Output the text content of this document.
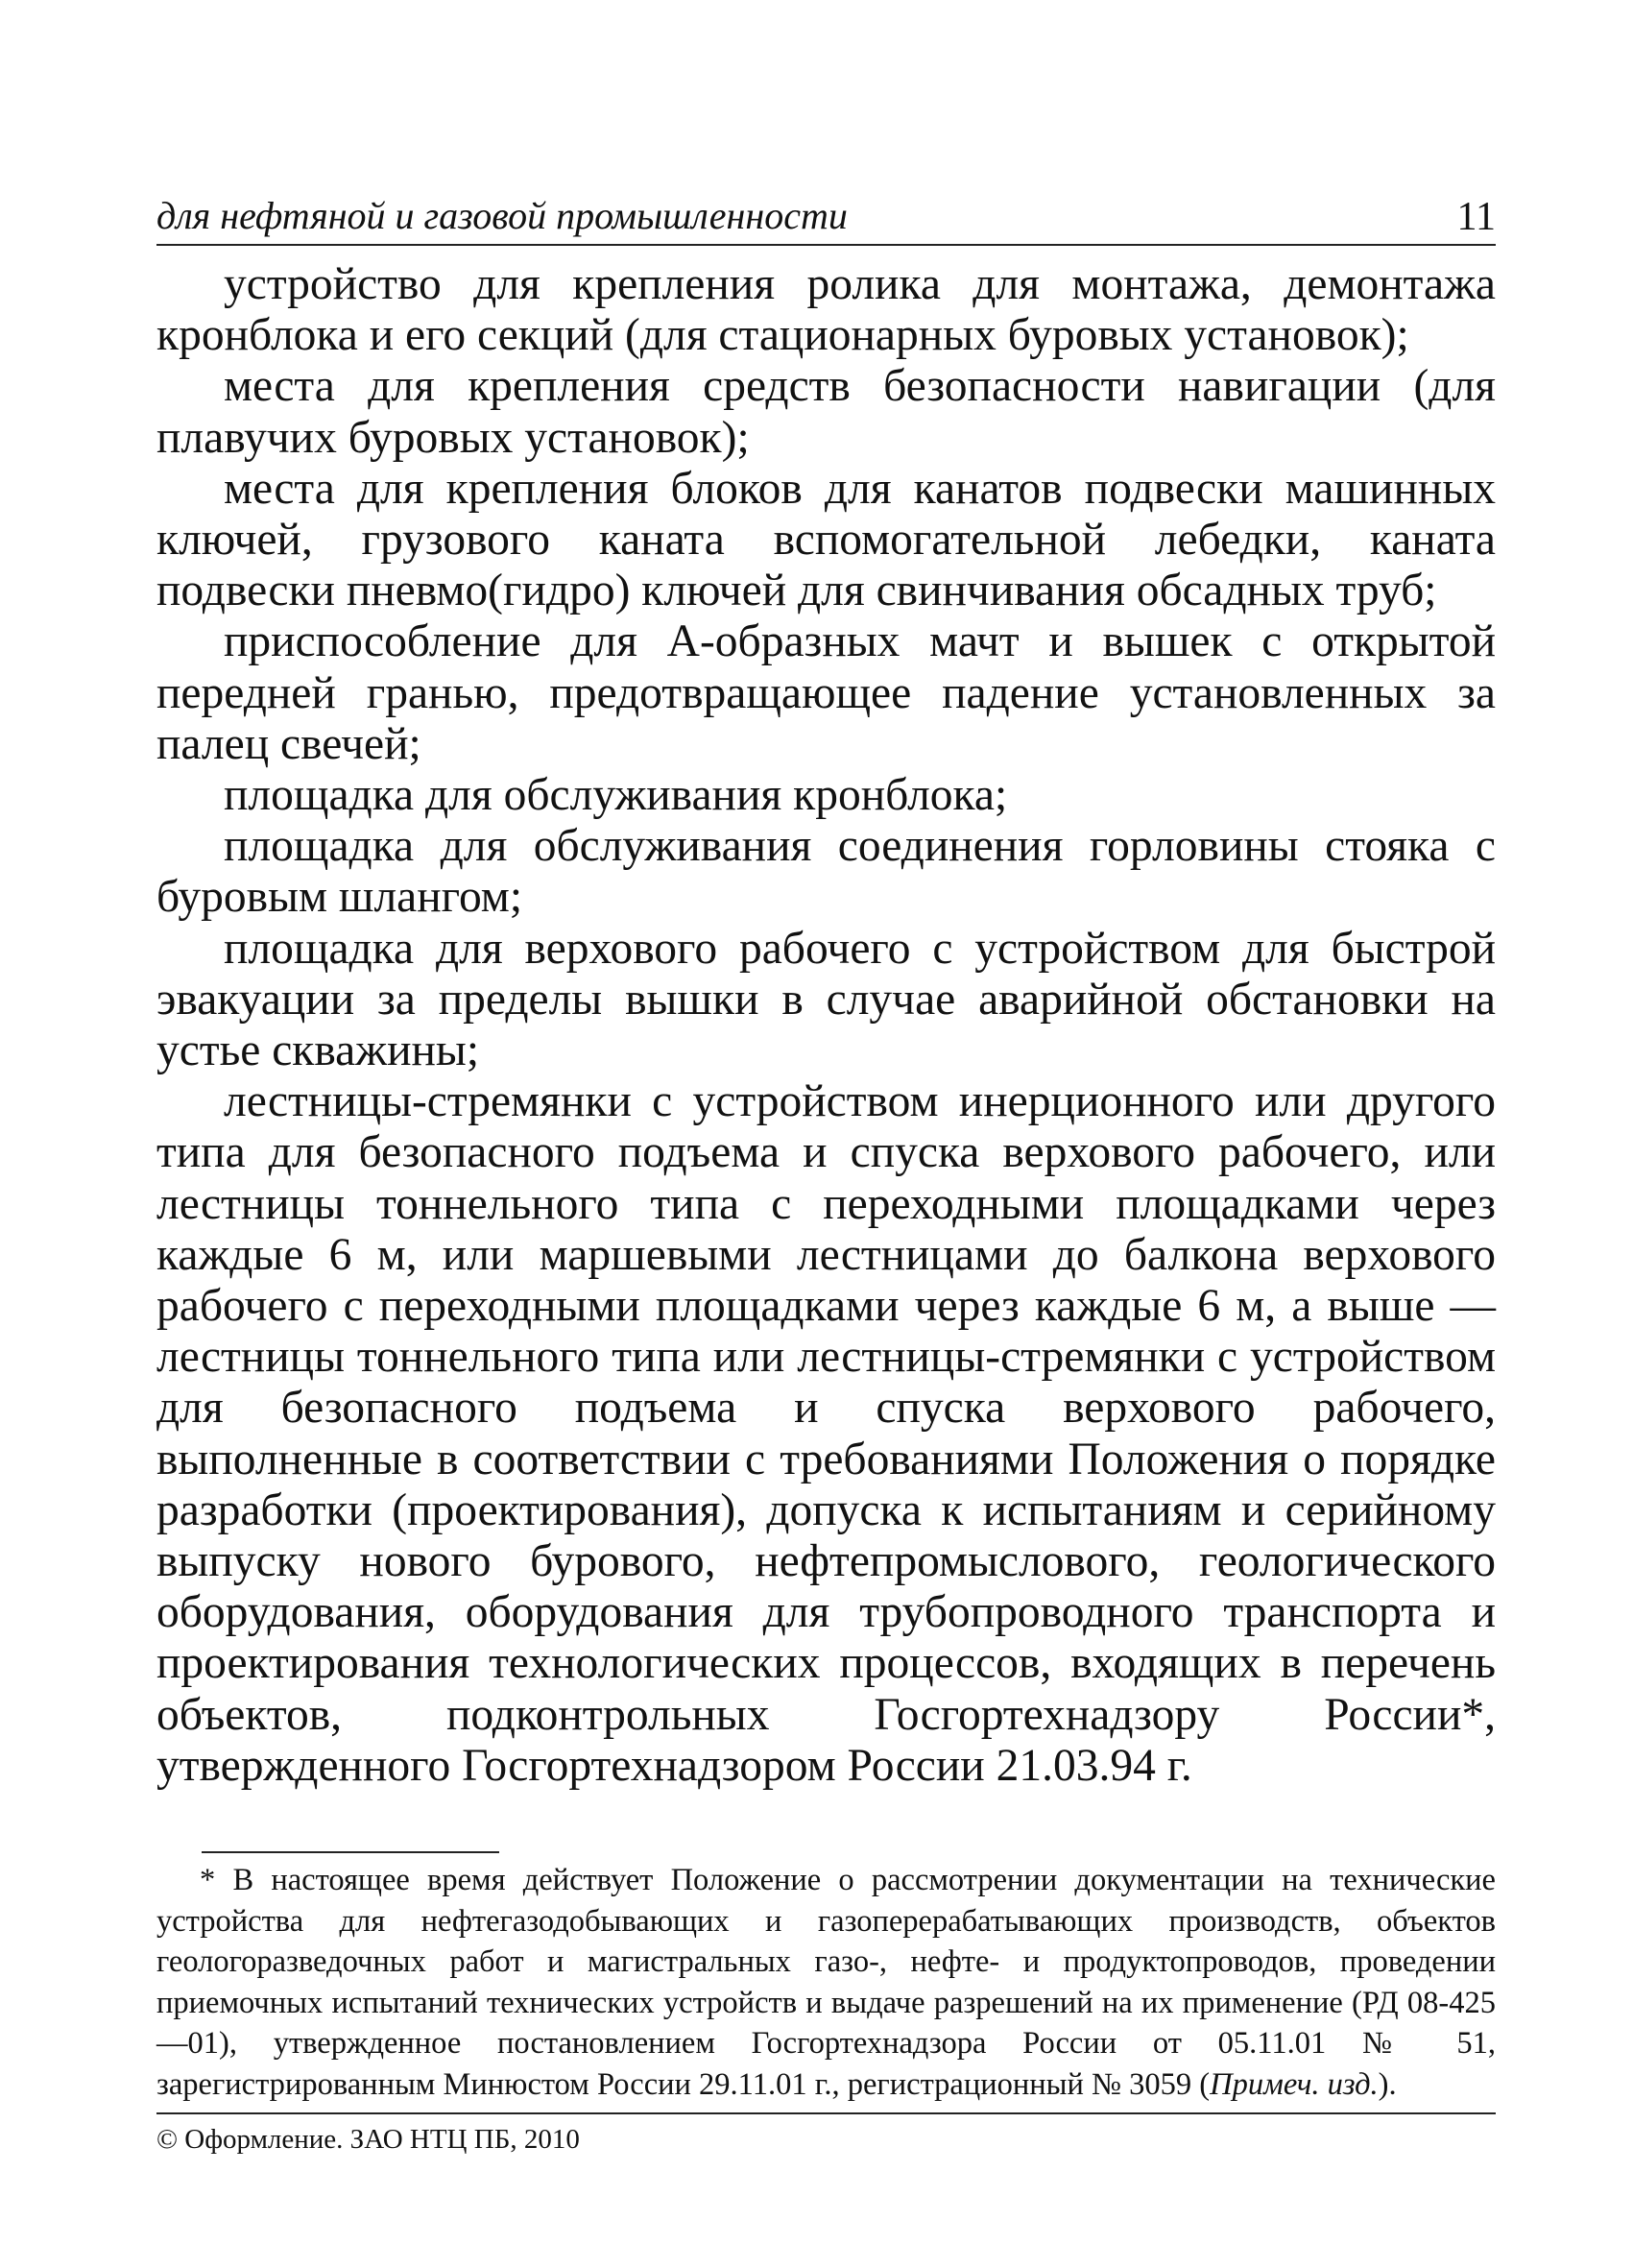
для нефтяной и газовой промышленности	11

устройство для крепления ролика для монтажа, демонтажа кронблока и его секций (для стационарных буровых установок);

места для крепления средств безопасности навигации (для плавучих буровых установок);

места для крепления блоков для канатов подвески машинных ключей, грузового каната вспомогательной лебедки, каната подвески пневмо(гидро) ключей для свинчивания обсадных труб;

приспособление для А-образных мачт и вышек с открытой передней гранью, предотвращающее падение установленных за палец свечей;

площадка для обслуживания кронблока;

площадка для обслуживания соединения горловины стояка с буровым шлангом;

площадка для верхового рабочего с устройством для быстрой эвакуации за пределы вышки в случае аварийной обстановки на устье скважины;

лестницы-стремянки с устройством инерционного или другого типа для безопасного подъема и спуска верхового рабочего, или лестницы тоннельного типа с переходными площадками через каждые 6 м, или маршевыми лестницами до балкона верхового рабочего с переходными площадками через каждые 6 м, а выше — лестницы тоннельного типа или лестницы-стремянки с устройством для безопасного подъема и спуска верхового рабочего, выполненные в соответствии с требованиями Положения о порядке разработки (проектирования), допуска к испытаниям и серийному выпуску нового бурового, нефтепромыслового, геологического оборудования, оборудования для трубопроводного транспорта и проектирования технологических процессов, входящих в перечень объектов, подконтрольных Госгортехнадзору России*, утвержденного Госгортехнадзором России 21.03.94 г.

* В настоящее время действует Положение о рассмотрении документации на технические устройства для нефтегазодобывающих и газоперерабатывающих производств, объектов геологоразведочных работ и магистральных газо-, нефте- и продуктопроводов, проведении приемочных испытаний технических устройств и выдаче разрешений на их применение (РД 08-425—01), утвержденное постановлением Госгортехнадзора России от 05.11.01 № 51, зарегистрированным Минюстом России 29.11.01 г., регистрационный № 3059 (Примеч. изд.).

© Оформление. ЗАО НТЦ ПБ, 2010
